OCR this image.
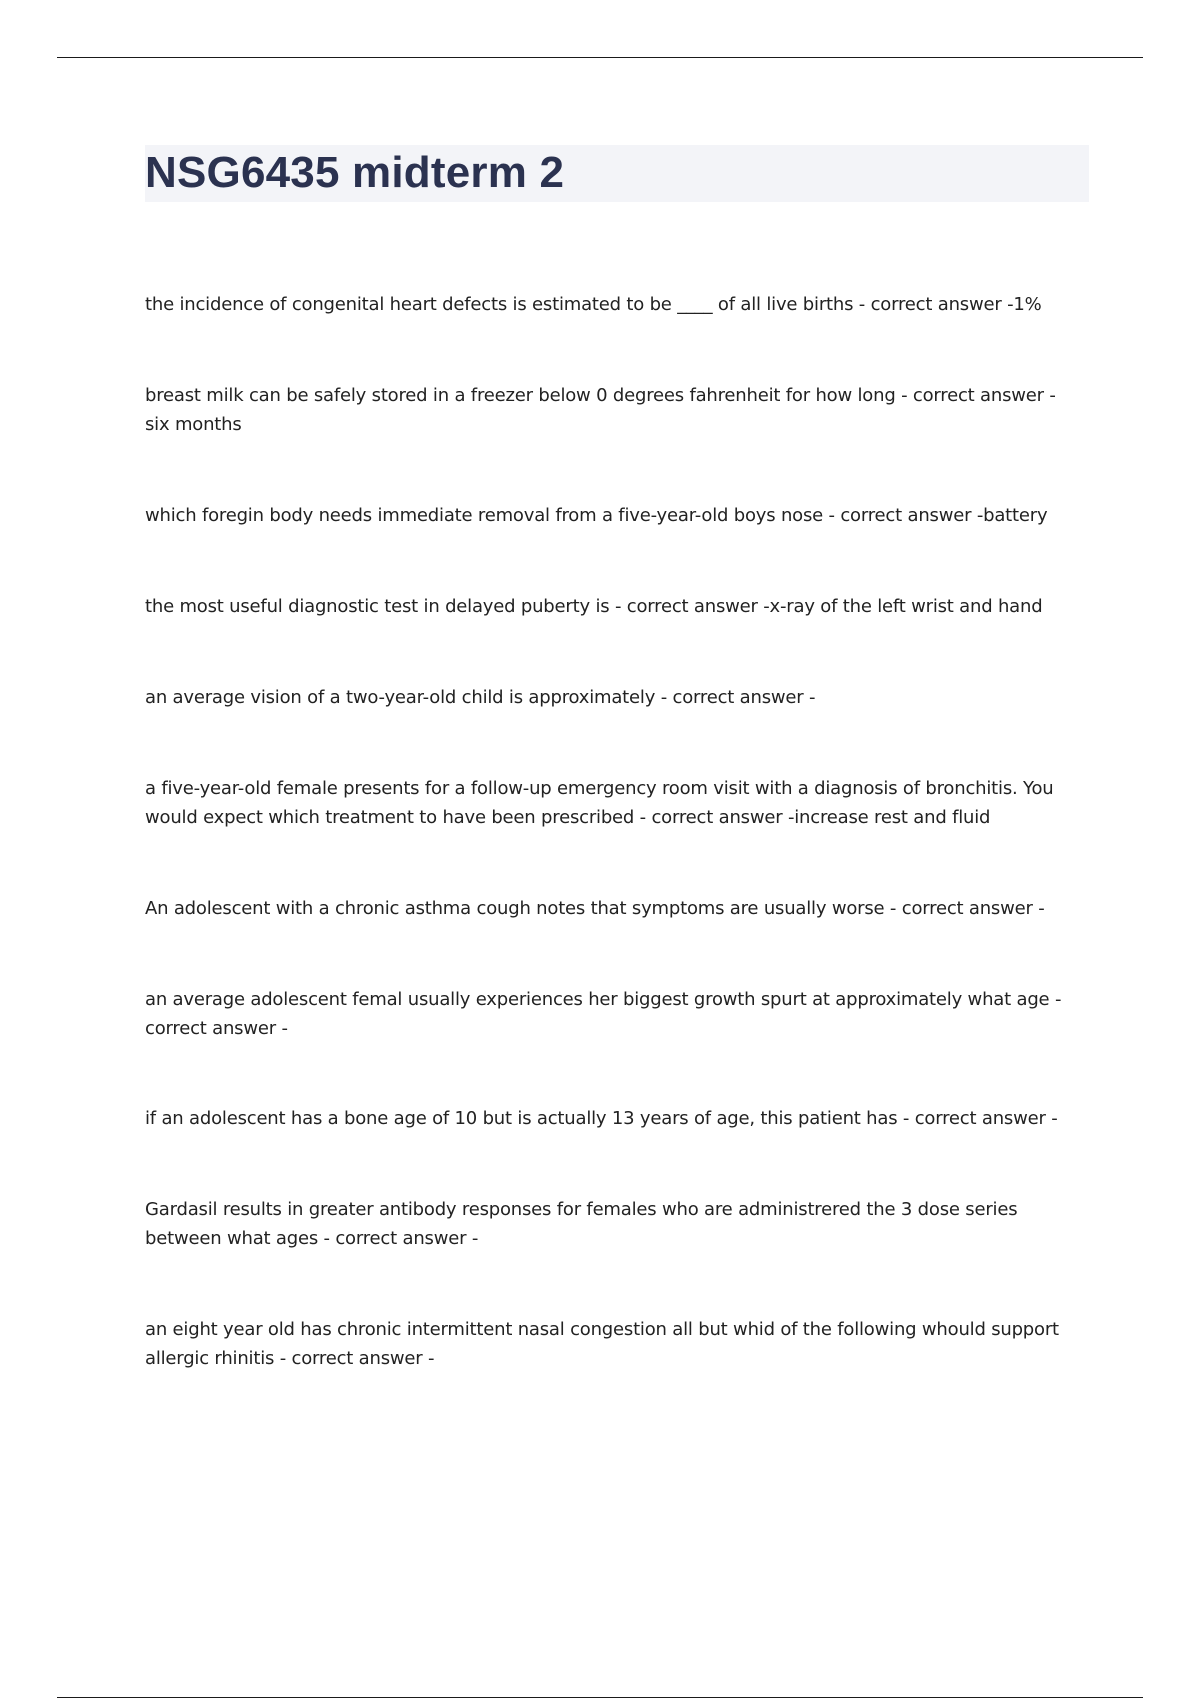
NSG6435 midterm 2
the incidence of congenital heart defects is estimated to be ____ of all live births - correct answer -1%
breast milk can be safely stored in a freezer below 0 degrees fahrenheit for how long - correct answer - six months
which foregin body needs immediate removal from a five-year-old boys nose - correct answer -battery
the most useful diagnostic test in delayed puberty is - correct answer -x-ray of the left wrist and hand
an average vision of a two-year-old child is approximately - correct answer -
a five-year-old female presents for a follow-up emergency room visit with a diagnosis of bronchitis. You would expect which treatment to have been prescribed - correct answer -increase rest and fluid
An adolescent with a chronic asthma cough notes that symptoms are usually worse - correct answer -
an average adolescent femal usually experiences her biggest growth spurt at approximately what age - correct answer -
if an adolescent has a bone age of 10 but is actually 13 years of age, this patient has - correct answer -
Gardasil results in greater antibody responses for females who are administrered the 3 dose series between what ages - correct answer -
an eight year old has chronic intermittent nasal congestion all but whid of the following whould support allergic rhinitis - correct answer -
